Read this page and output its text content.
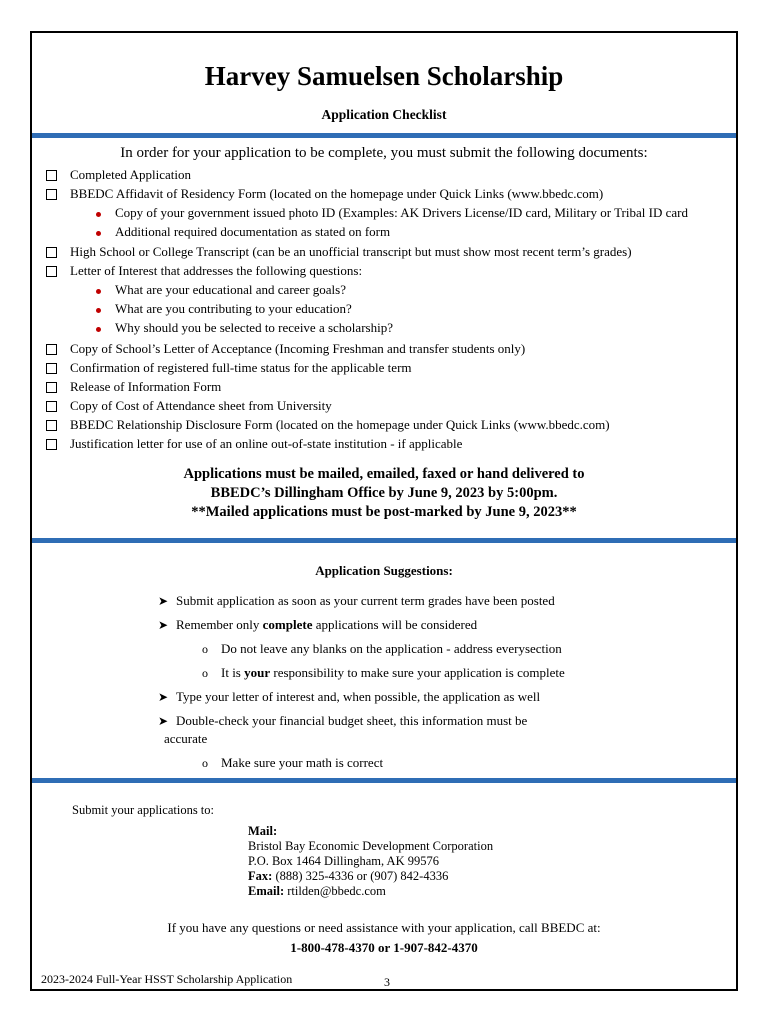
Harvey Samuelsen Scholarship
Application Checklist
In order for your application to be complete, you must submit the following documents:
Completed Application
BBEDC Affidavit of Residency Form (located on the homepage under Quick Links (www.bbedc.com)
Copy of your government issued photo ID (Examples: AK Drivers License/ID card, Military or Tribal ID card
Additional required documentation as stated on form
High School or College Transcript (can be an unofficial transcript but must show most recent term’s grades)
Letter of Interest that addresses the following questions:
What are your educational and career goals?
What are you contributing to your education?
Why should you be selected to receive a scholarship?
Copy of School’s Letter of Acceptance (Incoming Freshman and transfer students only)
Confirmation of registered full-time status for the applicable term
Release of Information Form
Copy of Cost of Attendance sheet from University
BBEDC Relationship Disclosure Form (located on the homepage under Quick Links (www.bbedc.com)
Justification letter for use of an online out-of-state institution - if applicable
Applications must be mailed, emailed, faxed or hand delivered to
BBEDC’s Dillingham Office by June 9, 2023 by 5:00pm.
**Mailed applications must be post-marked by June 9, 2023**
Application Suggestions:
➤ Submit application as soon as your current term grades have been posted
➤ Remember only complete applications will be considered
o Do not leave any blanks on the application - address everysection
o It is your responsibility to make sure your application is complete
➤ Type your letter of interest and, when possible, the application as well
➤ Double-check your financial budget sheet, this information must be
accurate
o Make sure your math is correct
Submit your applications to:
Mail:
Bristol Bay Economic Development Corporation
P.O. Box 1464 Dillingham, AK 99576
Fax: (888) 325-4336 or (907) 842-4336
Email: rtilden@bbedc.com
If you have any questions or need assistance with your application, call BBEDC at:
1-800-478-4370 or 1-907-842-4370
2023-2024 Full-Year HSST Scholarship Application	3
